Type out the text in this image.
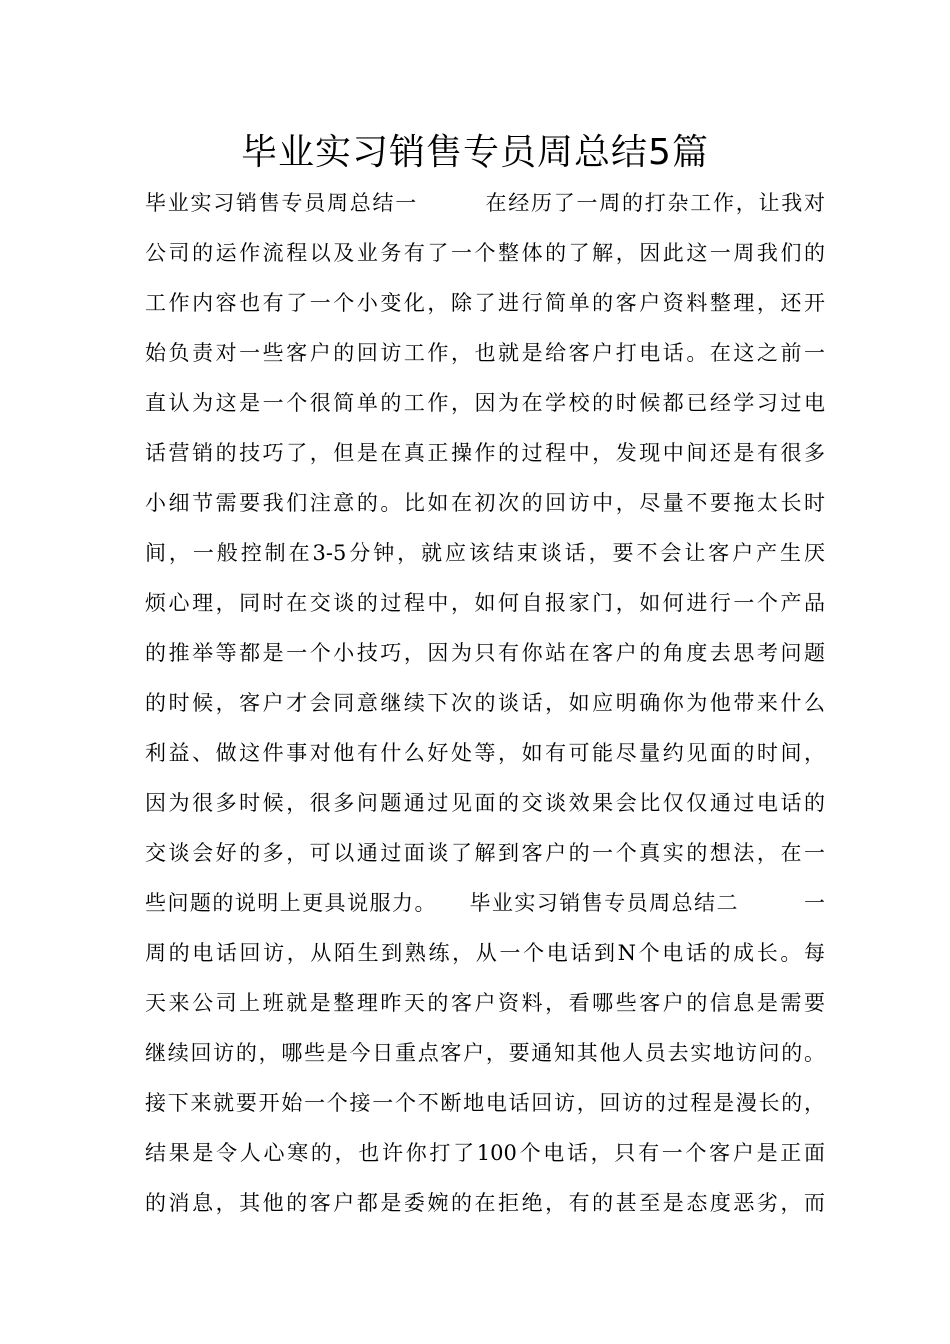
毕业实习销售专员周总结5篇
毕业实习销售专员周总结一        在经历了一周的打杂工作，让我对
公司的运作流程以及业务有了一个整体的了解，因此这一周我们的
工作内容也有了一个小变化，除了进行简单的客户资料整理，还开
始负责对一些客户的回访工作，也就是给客户打电话。在这之前一
直认为这是一个很简单的工作，因为在学校的时候都已经学习过电
话营销的技巧了，但是在真正操作的过程中，发现中间还是有很多
小细节需要我们注意的。比如在初次的回访中，尽量不要拖太长时
间，一般控制在3-5分钟，就应该结束谈话，要不会让客户产生厌
烦心理，同时在交谈的过程中，如何自报家门，如何进行一个产品
的推举等都是一个小技巧，因为只有你站在客户的角度去思考问题
的时候，客户才会同意继续下次的谈话，如应明确你为他带来什么
利益、做这件事对他有什么好处等，如有可能尽量约见面的时间，
因为很多时候，很多问题通过见面的交谈效果会比仅仅通过电话的
交谈会好的多，可以通过面谈了解到客户的一个真实的想法，在一
些问题的说明上更具说服力。    毕业实习销售专员周总结二        一
周的电话回访，从陌生到熟练，从一个电话到N个电话的成长。每
天来公司上班就是整理昨天的客户资料，看哪些客户的信息是需要
继续回访的，哪些是今日重点客户，要通知其他人员去实地访问的。
接下来就要开始一个接一个不断地电话回访，回访的过程是漫长的，
结果是令人心寒的，也许你打了100个电话，只有一个客户是正面
的消息，其他的客户都是委婉的在拒绝，有的甚至是态度恶劣，而
